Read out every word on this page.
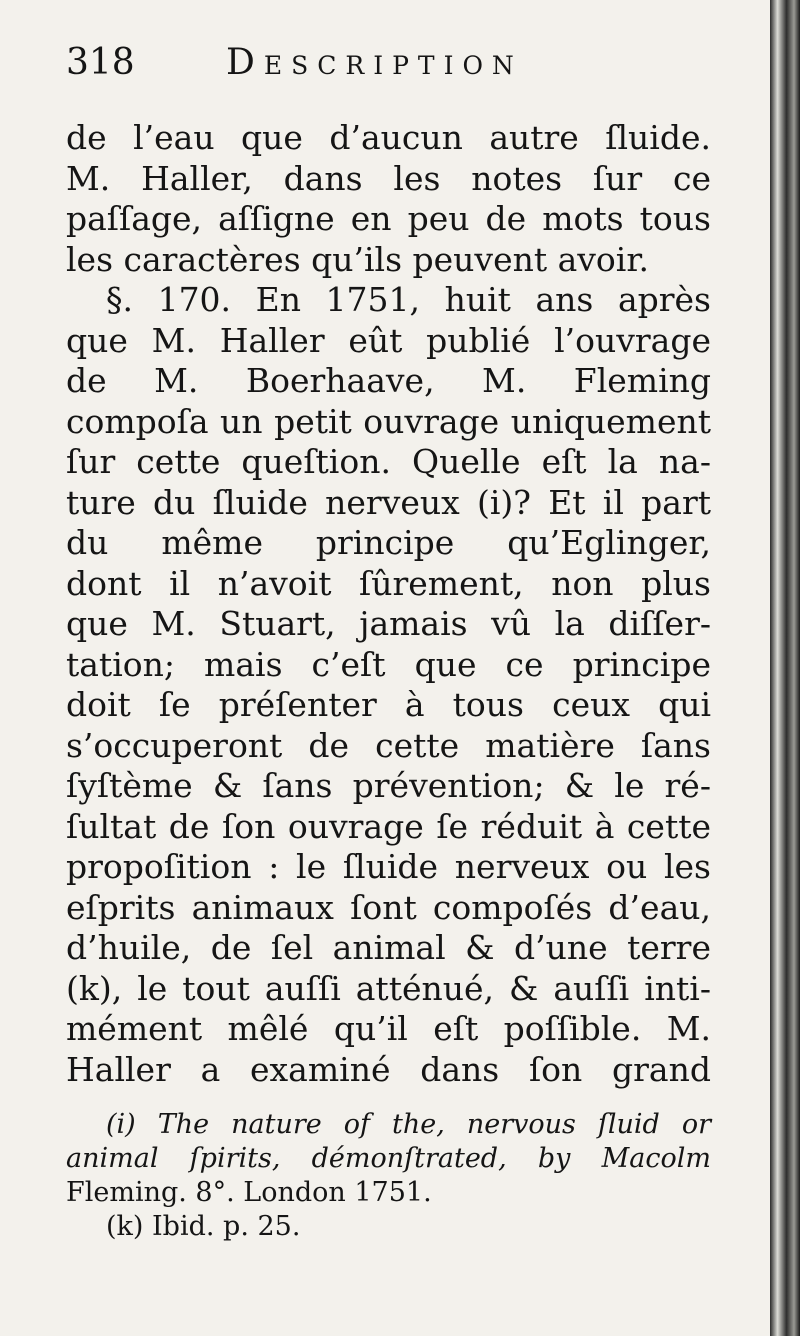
318	Description
de l’eau que d’aucun autre ſluide.
M. Haller, dans les notes ſur ce
paſſage, aſſigne en peu de mots tous
les caractères qu’ils peuvent avoir.
§. 170. En 1751, huit ans après
que M. Haller eût publié l’ouvrage
de M. Boerhaave, M. Fleming
compoſa un petit ouvrage uniquement
ſur cette queſtion. Quelle eſt la na-
ture du ſluide nerveux (i)? Et il part
du même principe qu’Eglinger,
dont il n’avoit ſûrement, non plus
que M. Stuart, jamais vû la diſſer-
tation; mais c’eſt que ce principe
doit ſe préſenter à tous ceux qui
s’occuperont de cette matière ſans
ſyſtème & ſans prévention; & le ré-
ſultat de ſon ouvrage ſe réduit à cette
propoſition : le ſluide nerveux ou les
eſprits animaux ſont compoſés d’eau,
d’huile, de ſel animal & d’une terre
(k), le tout auſſi atténué, & auſſi inti-
mément mêlé qu’il eſt poſſible. M.
Haller a examiné dans ſon grand
(i) The nature of the, nervous ſluid or
animal ſpirits, démonſtrated, by Macolm
Fleming. 8°. London 1751.
(k) Ibid. p. 25.
